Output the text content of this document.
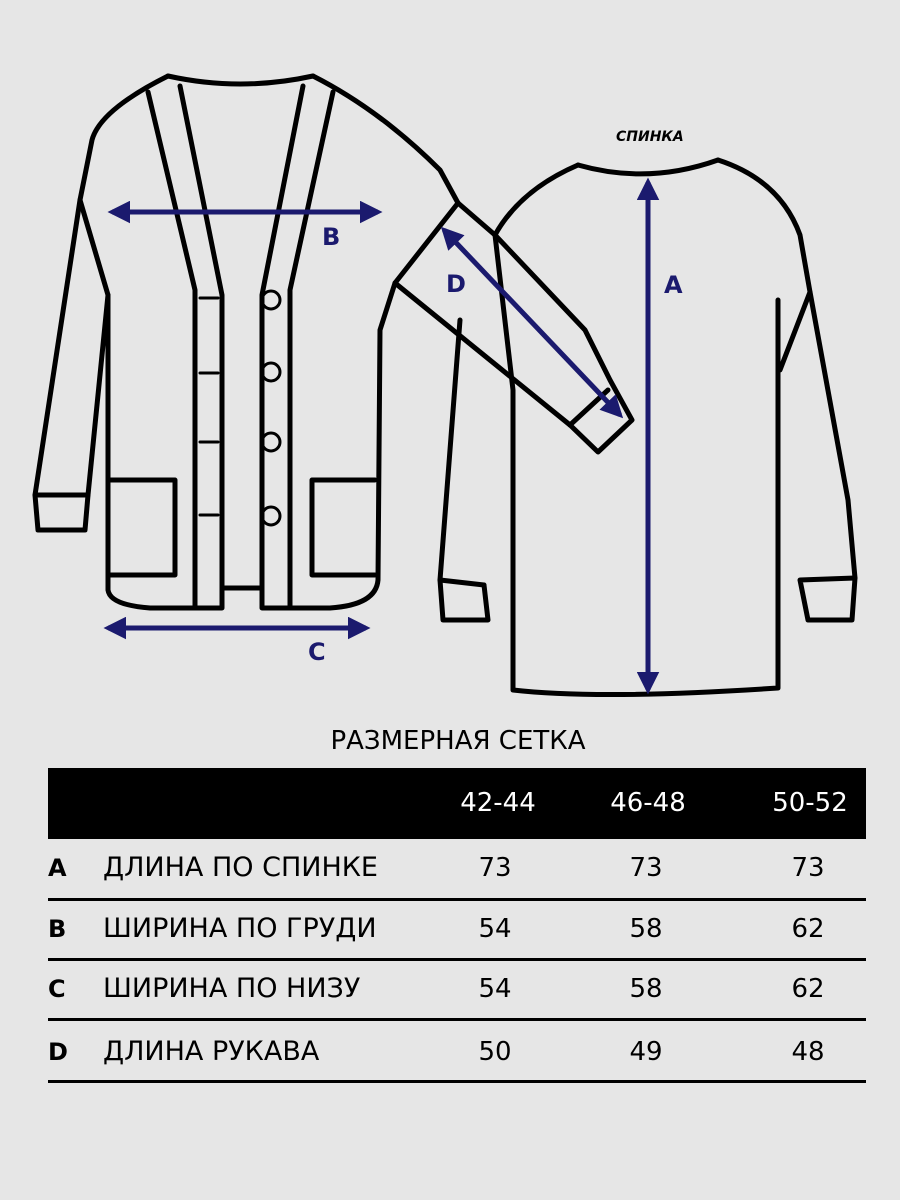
B
C
A
D
СПИНКА
РАЗМЕРНАЯ СЕТКА
42-44	46-48	50-52
A ДЛИНА ПО СПИНКЕ	73	73	73
B ШИРИНА ПО ГРУДИ	54	58	62
C ШИРИНА ПО НИЗУ	54	58	62
D ДЛИНА РУКАВА	50	49	48
